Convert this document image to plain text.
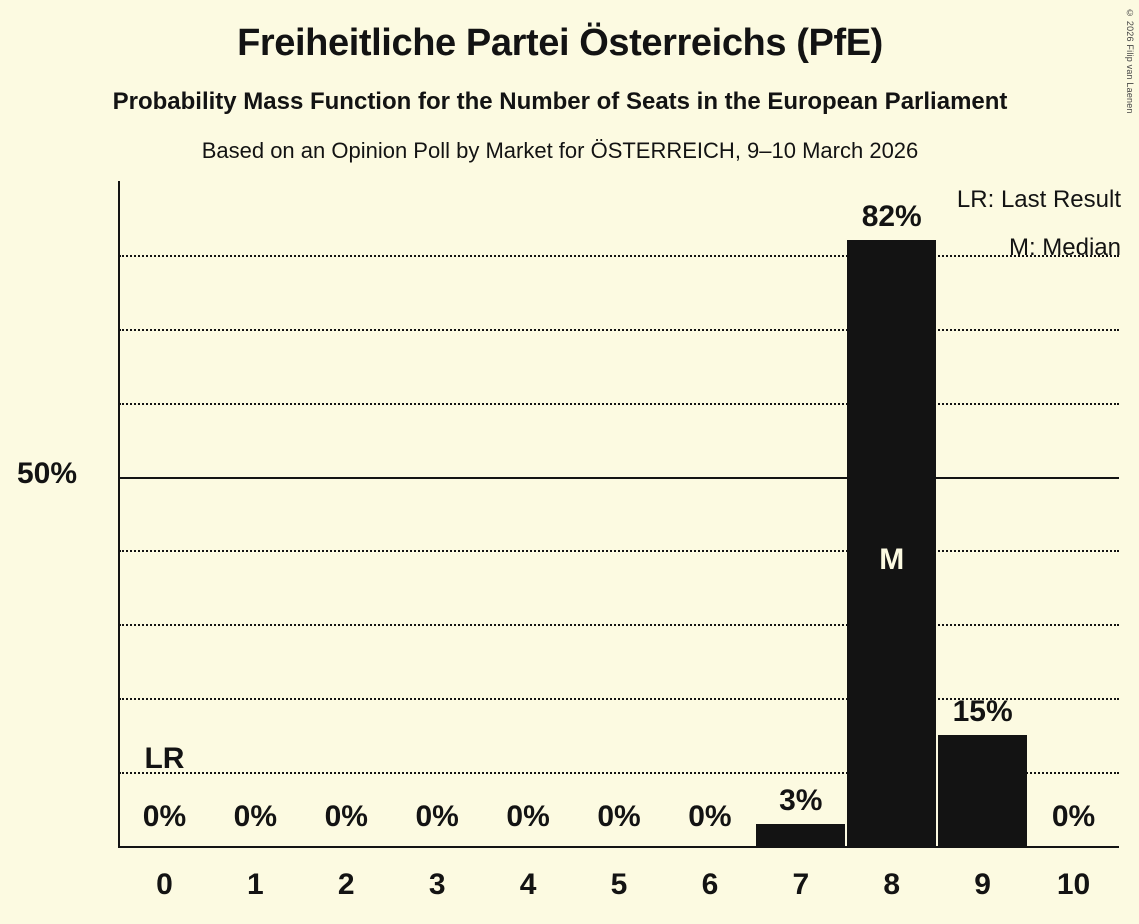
© 2026 Filip van Laenen
Freiheitliche Partei Österreichs (PfE)
Probability Mass Function for the Number of Seats in the European Parliament
Based on an Opinion Poll by Market for ÖSTERREICH, 9–10 March 2026
LR: Last Result
M: Median
50%
0
0%
1
0%
2
0%
3
0%
4
0%
5
0%
6
0%
7
3%
8
82%
9
15%
10
0%
M
LR
